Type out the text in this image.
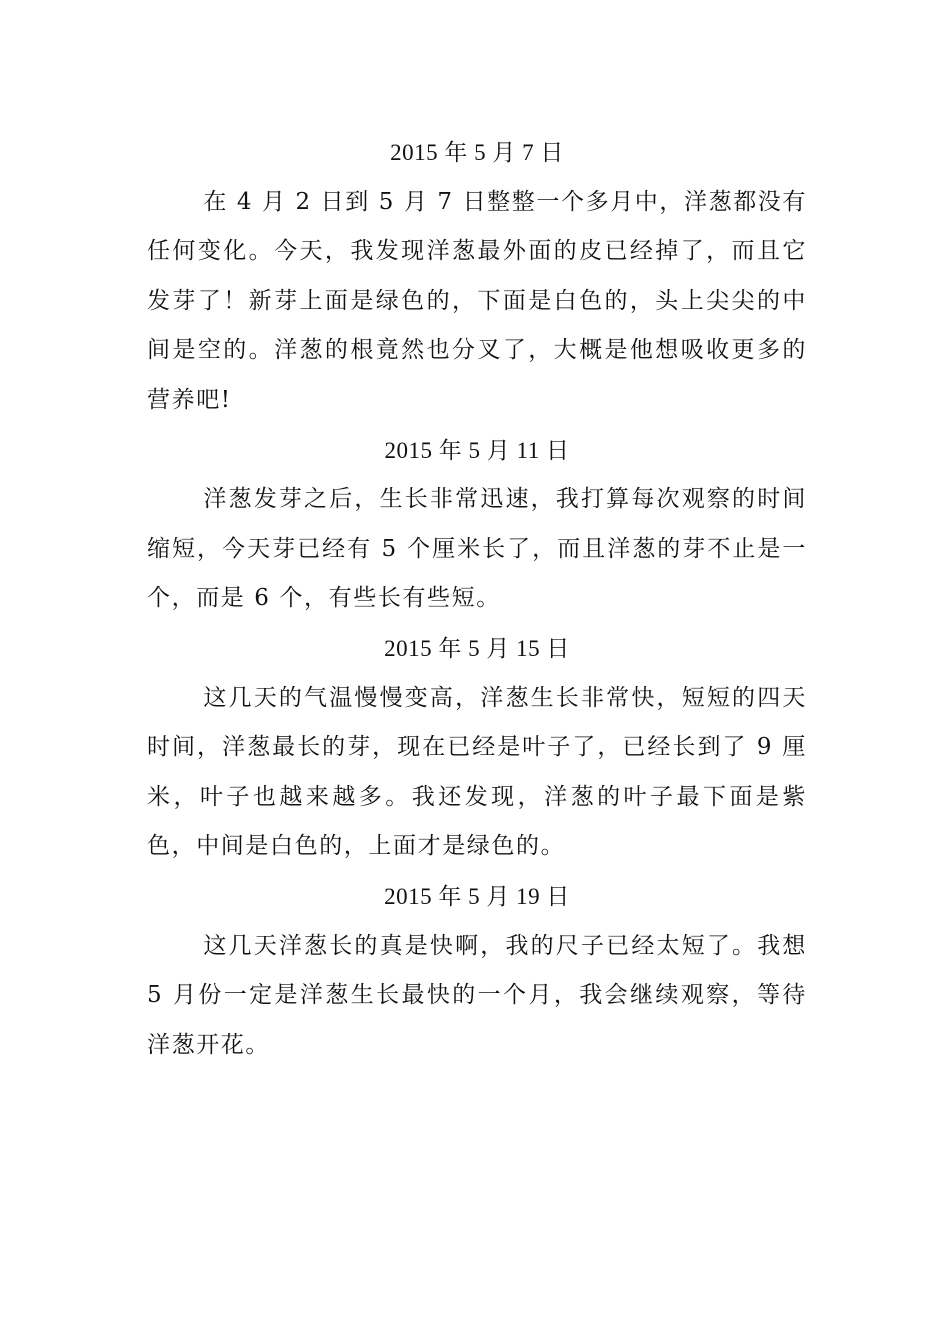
2015 年 5 月 7 日

在 4 月 2 日到 5 月 7 日整整一个多月中，洋葱都没有任何变化。今天，我发现洋葱最外面的皮已经掉了，而且它发芽了！新芽上面是绿色的，下面是白色的，头上尖尖的中间是空的。洋葱的根竟然也分叉了，大概是他想吸收更多的营养吧!

2015 年 5 月 11 日

洋葱发芽之后，生长非常迅速，我打算每次观察的时间缩短，今天芽已经有 5 个厘米长了，而且洋葱的芽不止是一个，而是 6 个，有些长有些短。

2015 年 5 月 15 日

这几天的气温慢慢变高，洋葱生长非常快，短短的四天时间，洋葱最长的芽，现在已经是叶子了，已经长到了 9 厘米，叶子也越来越多。我还发现，洋葱的叶子最下面是紫色，中间是白色的，上面才是绿色的。

2015 年 5 月 19 日

这几天洋葱长的真是快啊，我的尺子已经太短了。我想 5 月份一定是洋葱生长最快的一个月，我会继续观察，等待洋葱开花。
